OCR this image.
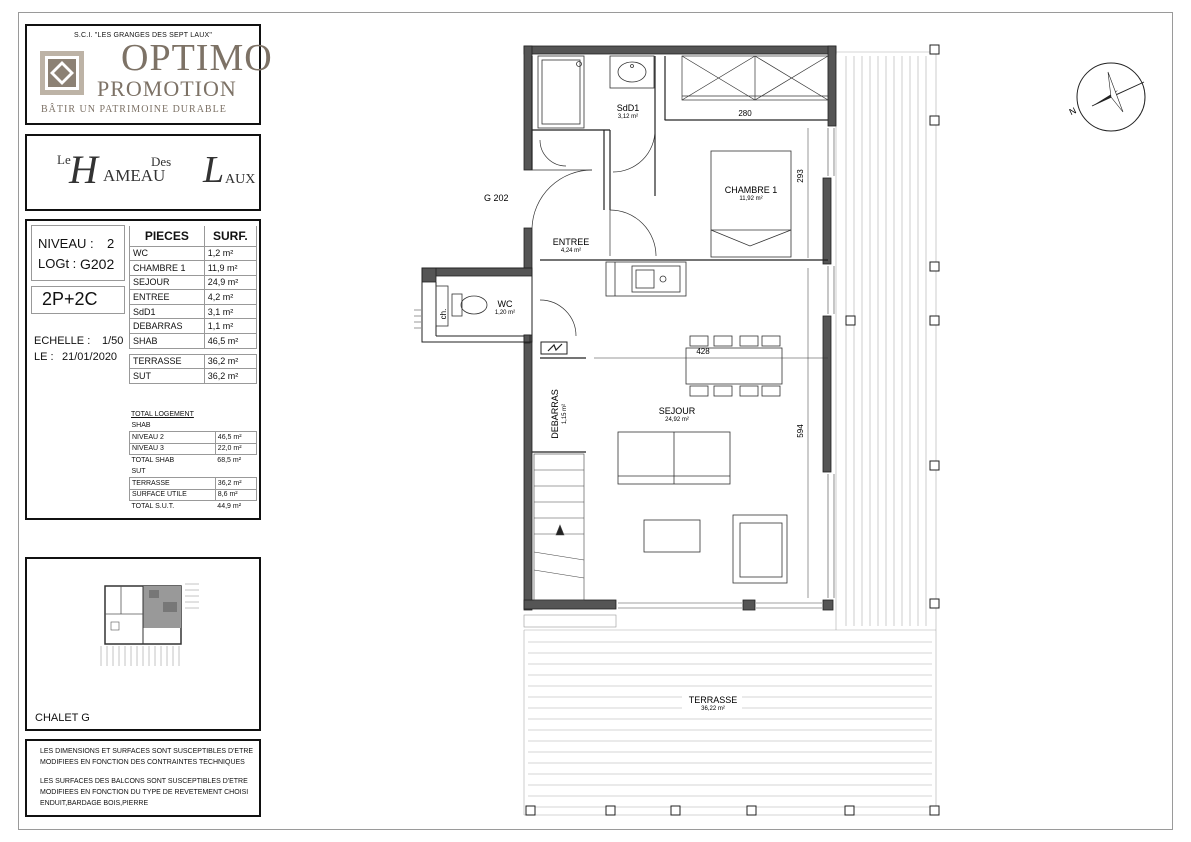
S.C.I. "LES GRANGES DES SEPT LAUX"
OPTIMO
PROMOTION
BÂTIR UN PATRIMOINE DURABLE
Le
H AMEAU
Des L AUX
NIVEAU : 2
LOGt : G202
2P+2C
ECHELLE : 1/50
LE : 21/01/2020
PIECES	SURF.
WC	1,2 m²
CHAMBRE 1	11,9 m²
SEJOUR	24,9 m²
ENTREE	4,2 m²
SdD1	3,1 m²
DEBARRAS	1,1 m²
SHAB	46,5 m²

TERRASSE	36,2 m²
SUT	36,2 m²
TOTAL LOGEMENT
SHAB	
NIVEAU 2	46,5 m²
NIVEAU 3	22,0 m²
TOTAL SHAB	68,5 m²
SUT	
TERRASSE	36,2 m²
SURFACE UTILE	8,6 m²
TOTAL S.U.T.	44,9 m²
CHALET G
LES DIMENSIONS ET SURFACES SONT SUSCEPTIBLES D'ETRE
MODIFIEES EN FONCTION DES CONTRAINTES TECHNIQUES
LES SURFACES DES BALCONS SONT SUSCEPTIBLES D'ETRE
MODIFIEES EN FONCTION DU TYPE DE REVETEMENT CHOISI
ENDUIT,BARDAGE BOIS,PIERRE
G 202
SdD1
3,12 m²
CHAMBRE 1
11,92 m²
ENTREE
4,24 m²
WC
1,20 m²
SEJOUR
24,92 m²
DEBARRAS 1,15 m²
TERRASSE
36,22 m²
ch.
280
293
428
594
N
